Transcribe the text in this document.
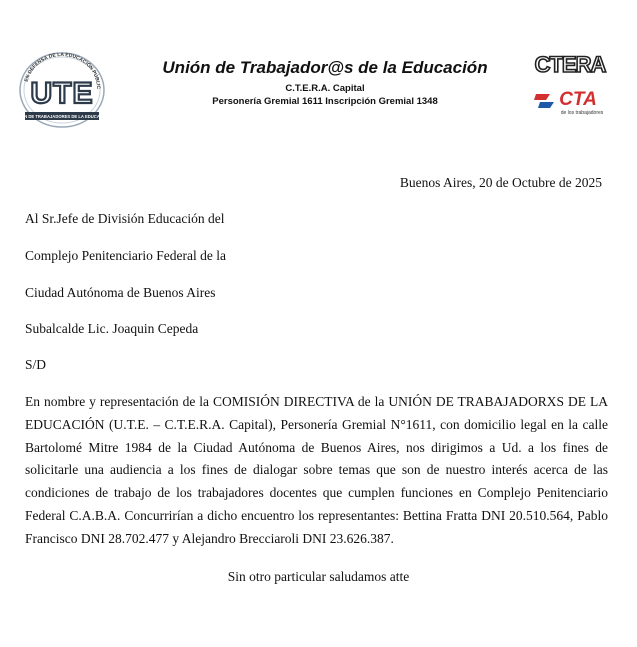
EN DEFENSA DE LA EDUCACIÓN PÚBLIC
UTE
UNIÓN DE TRABAJADORES DE LA EDUCACIÓN
Unión de Trabajador@s de la Educación
C.T.E.R.A. Capital
Personería Gremial 1611 Inscripción Gremial 1348
CTERA
CTA
de los trabajadores
Buenos Aires, 20 de Octubre de 2025
Al Sr.Jefe de División Educación del
Complejo Penitenciario Federal de la
Ciudad Autónoma de Buenos Aires
Subalcalde Lic. Joaquin Cepeda
S/D
En nombre y representación de la COMISIÓN DIRECTIVA de la UNIÓN DE TRABAJADORXS DE LA EDUCACIÓN (U.T.E. – C.T.E.R.A. Capital), Personería Gremial N°1611, con domicilio legal en la calle Bartolomé Mitre 1984 de la Ciudad Autónoma de Buenos Aires, nos dirigimos a Ud. a los fines de solicitarle una audiencia a los fines de dialogar sobre temas que son de nuestro interés acerca de las condiciones de trabajo de los trabajadores docentes que cumplen funciones en Complejo Penitenciario Federal C.A.B.A. Concurrirían a dicho encuentro los representantes: Bettina Fratta DNI 20.510.564, Pablo Francisco DNI 28.702.477 y Alejandro Brecciaroli DNI 23.626.387.
Sin otro particular saludamos atte
